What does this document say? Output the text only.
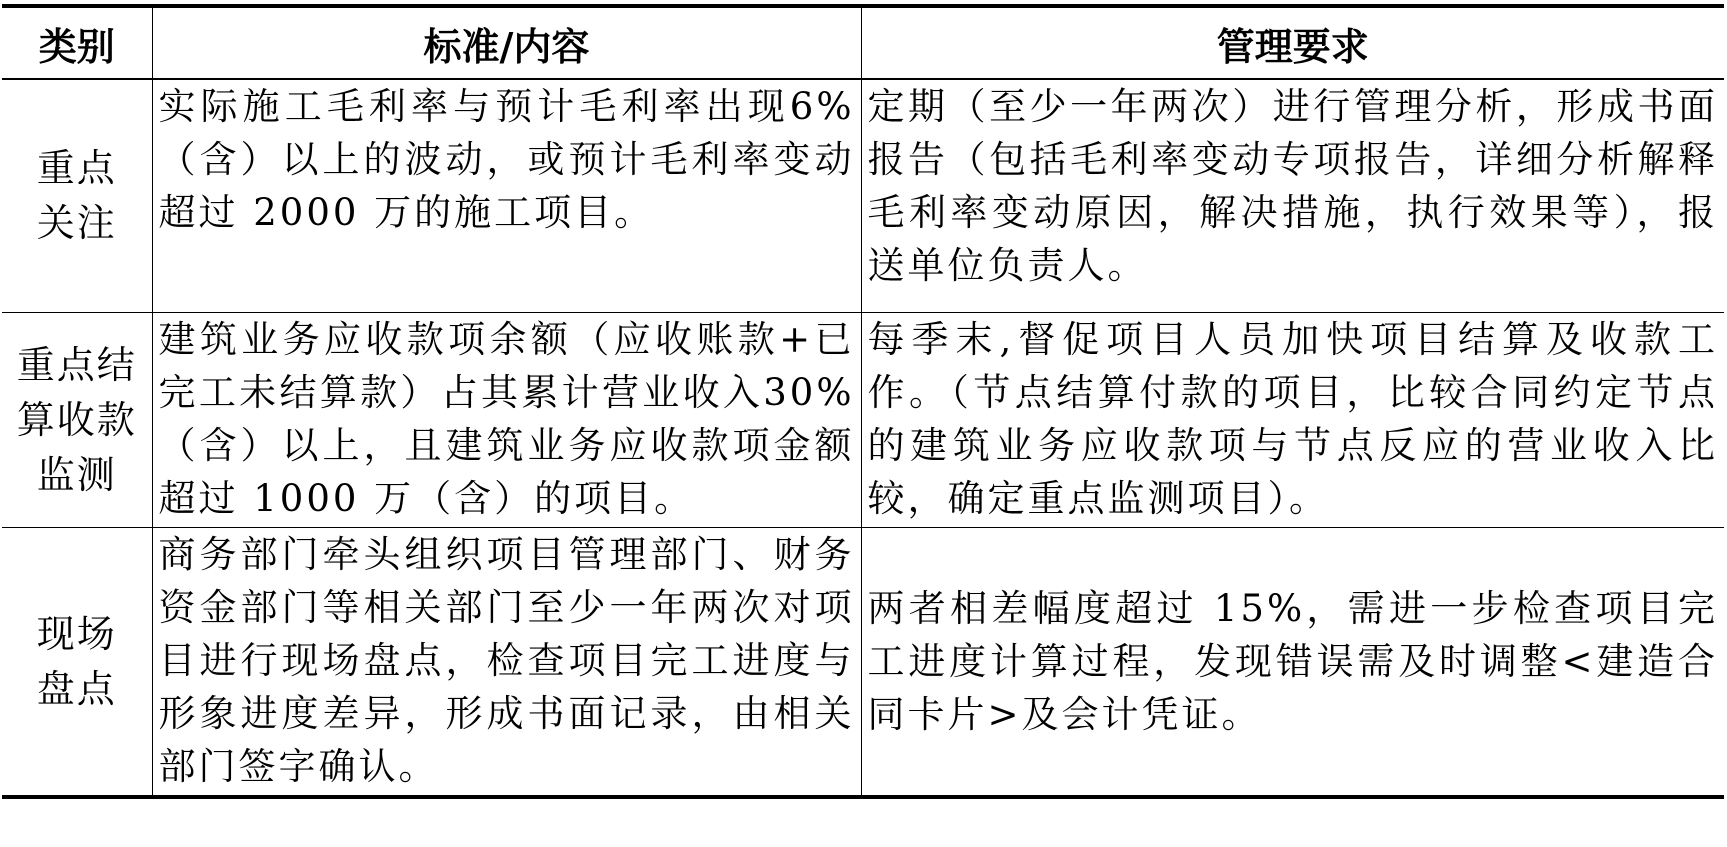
类别	标准/内容	管理要求
重点
关注	实际施工毛利率与预计毛利率出现6%（含）以上的波动，或预计毛利率变动超过 2000 万的施工项目。	定期（至少一年两次）进行管理分析，形成书面报告（包括毛利率变动专项报告，详细分析解释毛利率变动原因，解决措施，执行效果等），报送单位负责人。
重点结
算收款
监测	建筑业务应收款项余额（应收账款+已完工未结算款）占其累计营业收入30%（含）以上，且建筑业务应收款项金额超过 1000 万（含）的项目。	每季末,督促项目人员加快项目结算及收款工作。（节点结算付款的项目，比较合同约定节点的建筑业务应收款项与节点反应的营业收入比较，确定重点监测项目）。
现场
盘点	商务部门牵头组织项目管理部门、财务资金部门等相关部门至少一年两次对项目进行现场盘点，检查项目完工进度与形象进度差异，形成书面记录，由相关部门签字确认。	两者相差幅度超过 15%，需进一步检查项目完工进度计算过程，发现错误需及时调整<建造合同卡片>及会计凭证。
